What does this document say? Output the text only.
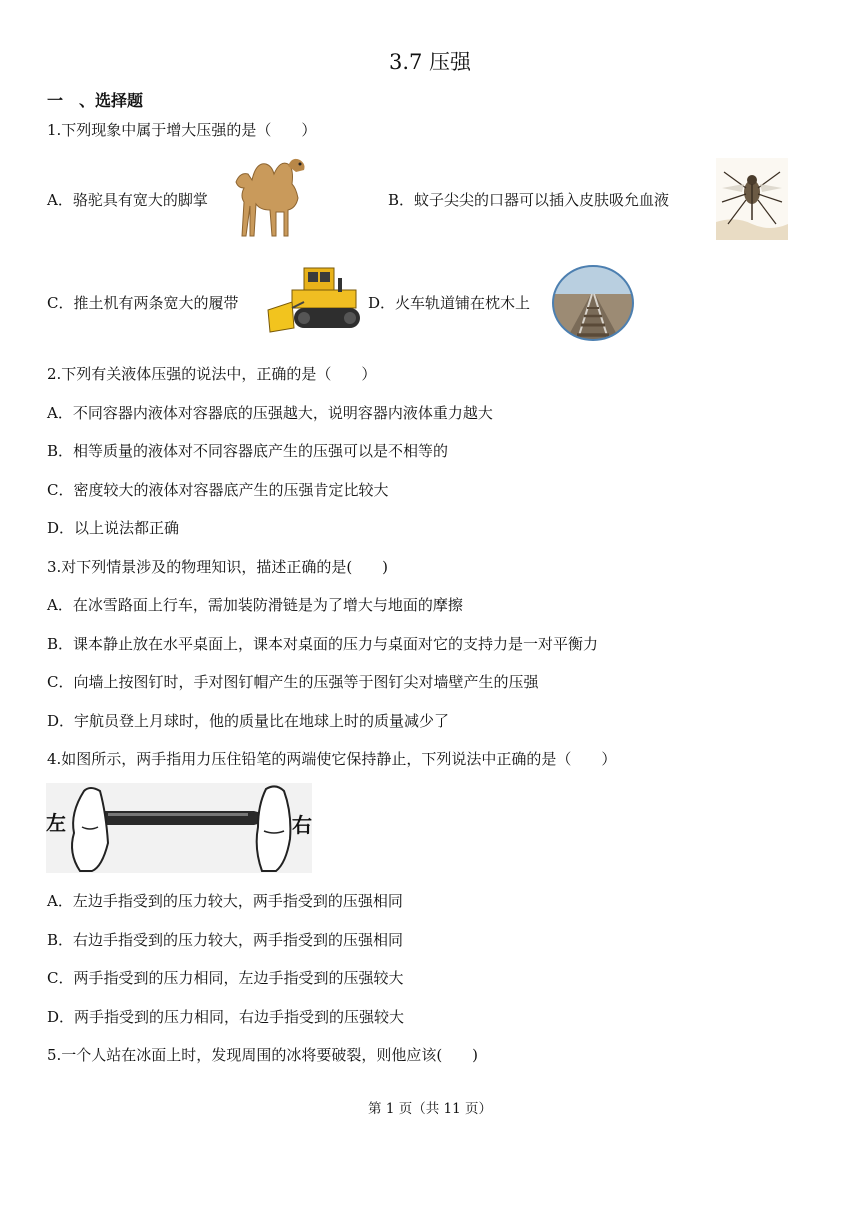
3.7 压强
一　、选择题
1.下列现象中属于增大压强的是（　　）
A．骆驼具有宽大的脚掌	B．蚊子尖尖的口器可以插入皮肤吸允血液
C．推土机有两条宽大的履带	D．火车轨道铺在枕木上
2.下列有关液体压强的说法中，正确的是（　　）
A．不同容器内液体对容器底的压强越大，说明容器内液体重力越大
B．相等质量的液体对不同容器底产生的压强可以是不相等的
C．密度较大的液体对容器底产生的压强肯定比较大
D．以上说法都正确
3.对下列情景涉及的物理知识，描述正确的是(　　)
A．在冰雪路面上行车，需加装防滑链是为了增大与地面的摩擦
B．课本静止放在水平桌面上，课本对桌面的压力与桌面对它的支持力是一对平衡力
C．向墙上按图钉时，手对图钉帽产生的压强等于图钉尖对墙壁产生的压强
D．宇航员登上月球时，他的质量比在地球上时的质量减少了
4.如图所示，两手指用力压住铅笔的两端使它保持静止，下列说法中正确的是（　　）
左	右
A．左边手指受到的压力较大，两手指受到的压强相同
B．右边手指受到的压力较大，两手指受到的压强相同
C．两手指受到的压力相同，左边手指受到的压强较大
D．两手指受到的压力相同，右边手指受到的压强较大
5.一个人站在冰面上时，发现周围的冰将要破裂，则他应该(　　)
第 1 页（共 11 页）
